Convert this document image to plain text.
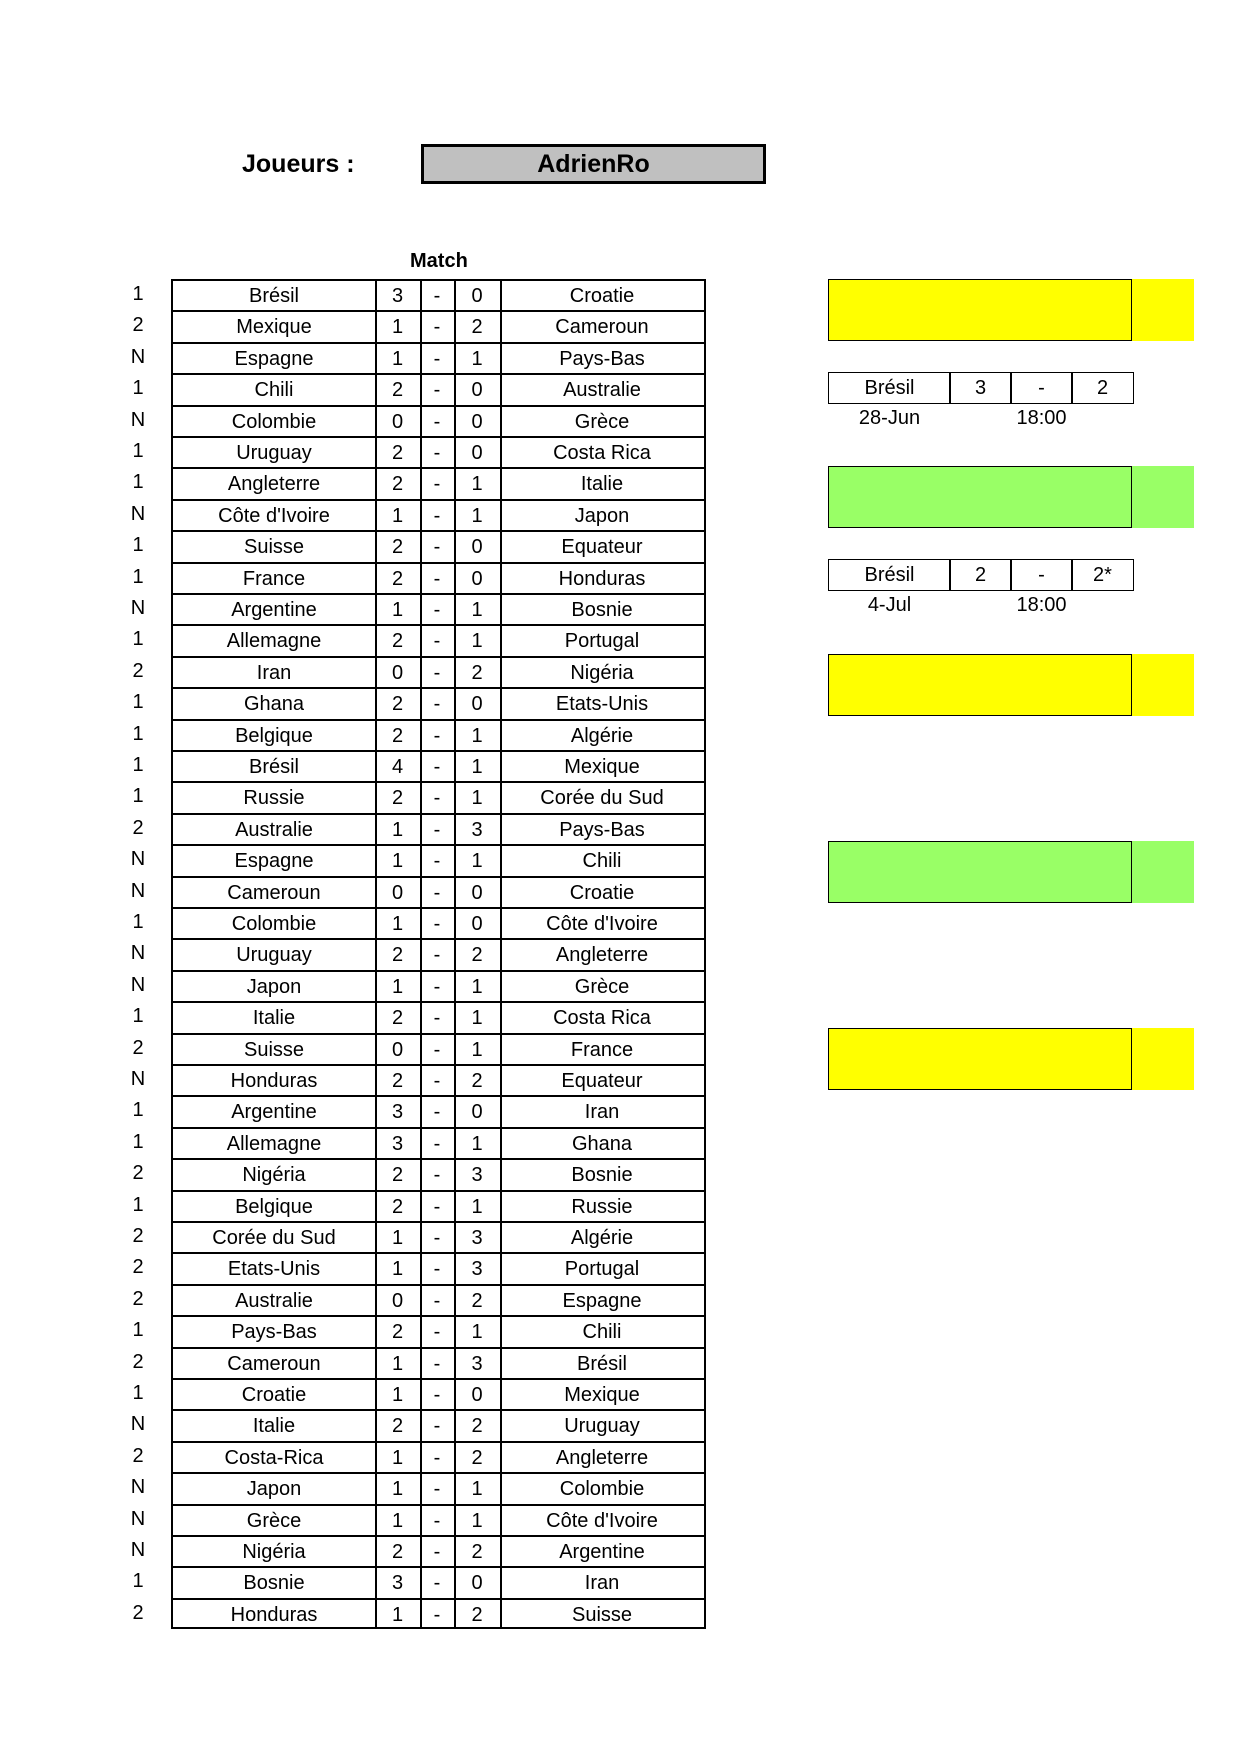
Joueurs :	AdrienRo
Match
1	Brésil	3	-	0	Croatie
2	Mexique	1	-	2	Cameroun
N	Espagne	1	-	1	Pays-Bas
1	Chili	2	-	0	Australie
N	Colombie	0	-	0	Grèce
1	Uruguay	2	-	0	Costa Rica
1	Angleterre	2	-	1	Italie
N	Côte d'Ivoire	1	-	1	Japon
1	Suisse	2	-	0	Equateur
1	France	2	-	0	Honduras
N	Argentine	1	-	1	Bosnie
1	Allemagne	2	-	1	Portugal
2	Iran	0	-	2	Nigéria
1	Ghana	2	-	0	Etats-Unis
1	Belgique	2	-	1	Algérie
1	Brésil	4	-	1	Mexique
1	Russie	2	-	1	Corée du Sud
2	Australie	1	-	3	Pays-Bas
N	Espagne	1	-	1	Chili
N	Cameroun	0	-	0	Croatie
1	Colombie	1	-	0	Côte d'Ivoire
N	Uruguay	2	-	2	Angleterre
N	Japon	1	-	1	Grèce
1	Italie	2	-	1	Costa Rica
2	Suisse	0	-	1	France
N	Honduras	2	-	2	Equateur
1	Argentine	3	-	0	Iran
1	Allemagne	3	-	1	Ghana
2	Nigéria	2	-	3	Bosnie
1	Belgique	2	-	1	Russie
2	Corée du Sud	1	-	3	Algérie
2	Etats-Unis	1	-	3	Portugal
2	Australie	0	-	2	Espagne
1	Pays-Bas	2	-	1	Chili
2	Cameroun	1	-	3	Brésil
1	Croatie	1	-	0	Mexique
N	Italie	2	-	2	Uruguay
2	Costa-Rica	1	-	2	Angleterre
N	Japon	1	-	1	Colombie
N	Grèce	1	-	1	Côte d'Ivoire
N	Nigéria	2	-	2	Argentine
1	Bosnie	3	-	0	Iran
2	Honduras	1	-	2	Suisse
Brésil	3	-	2
28-Jun	18:00
Brésil	2	-	2*
4-Jul	18:00
